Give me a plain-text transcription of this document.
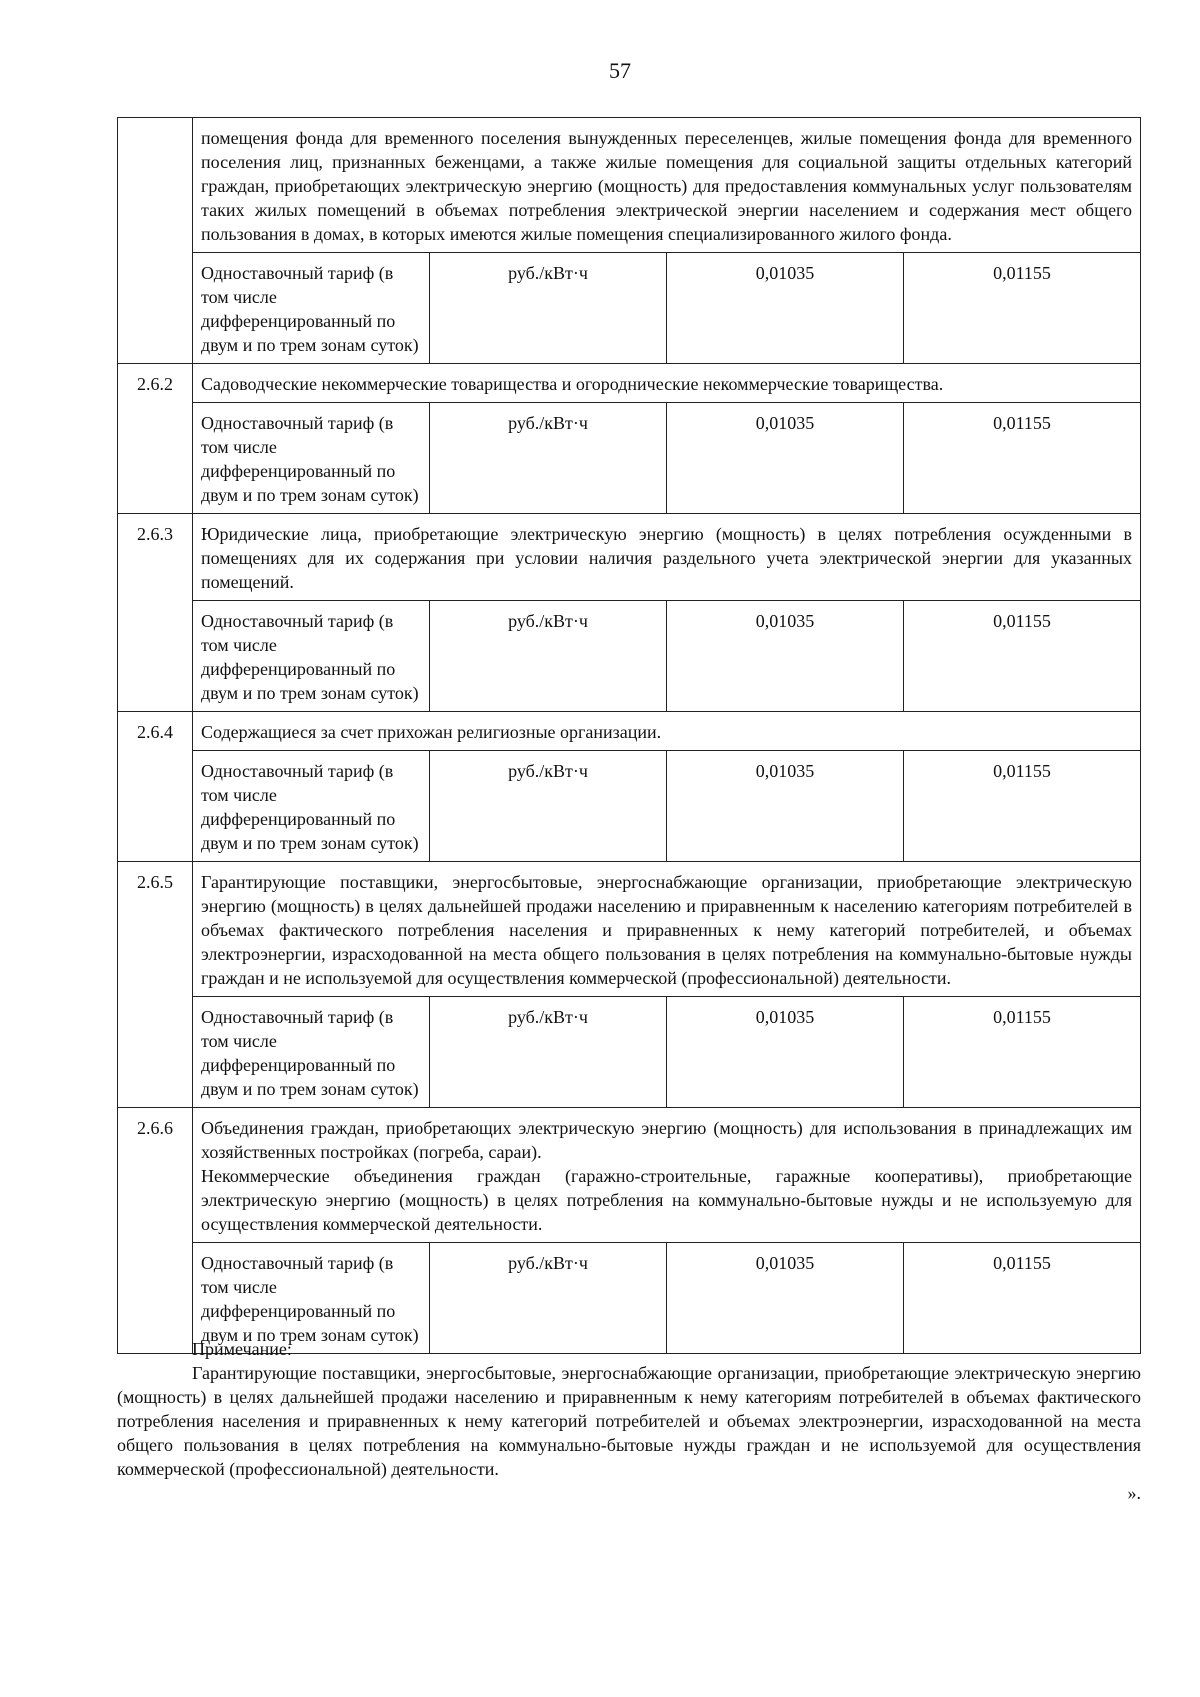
57
	помещения фонда для временного поселения вынужденных переселенцев, жилые помещения фонда для временного поселения лиц, признанных беженцами, а также жилые помещения для социальной защиты отдельных категорий граждан, приобретающих электрическую энергию (мощность) для предоставления коммунальных услуг пользователям таких жилых помещений в объемах потребления электрической энергии населением и содержания мест общего пользования в домах, в которых имеются жилые помещения специализированного жилого фонда.			
	Одноставочный тариф (в том числе дифференцированный по двум и по трем зонам суток)	руб./кВт·ч	0,01035	0,01155
2.6.2	Садоводческие некоммерческие товарищества и огороднические некоммерческие товарищества.			
	Одноставочный тариф (в том числе дифференцированный по двум и по трем зонам суток)	руб./кВт·ч	0,01035	0,01155
2.6.3	Юридические лица, приобретающие электрическую энергию (мощность) в целях потребления осужденными в помещениях для их содержания при условии наличия раздельного учета электрической энергии для указанных помещений.			
	Одноставочный тариф (в том числе дифференцированный по двум и по трем зонам суток)	руб./кВт·ч	0,01035	0,01155
2.6.4	Содержащиеся за счет прихожан религиозные организации.			
	Одноставочный тариф (в том числе дифференцированный по двум и по трем зонам суток)	руб./кВт·ч	0,01035	0,01155
2.6.5	Гарантирующие поставщики, энергосбытовые, энергоснабжающие организации, приобретающие электрическую энергию (мощность) в целях дальнейшей продажи населению и приравненным к населению категориям потребителей в объемах фактического потребления населения и приравненных к нему категорий потребителей, и объемах электроэнергии, израсходованной на места общего пользования в целях потребления на коммунально-бытовые нужды граждан и не используемой для осуществления коммерческой (профессиональной) деятельности.			
	Одноставочный тариф (в том числе дифференцированный по двум и по трем зонам суток)	руб./кВт·ч	0,01035	0,01155
2.6.6	Объединения граждан, приобретающих электрическую энергию (мощность) для использования в принадлежащих им хозяйственных постройках (погреба, сараи).
Некоммерческие объединения граждан (гаражно-строительные, гаражные кооперативы), приобретающие электрическую энергию (мощность) в целях потребления на коммунально-бытовые нужды и не используемую для осуществления коммерческой деятельности.			

	Одноставочный тариф (в том числе дифференцированный по двум и по трем зонам суток)	руб./кВт·ч	0,01035	0,01155
Примечание:
Гарантирующие поставщики, энергосбытовые, энергоснабжающие организации, приобретающие электрическую энергию (мощность) в целях дальнейшей продажи населению и приравненным к нему категориям потребителей в объемах фактического потребления населения и приравненных к нему категорий потребителей и объемах электроэнергии, израсходованной на места общего пользования в целях потребления на коммунально-бытовые нужды граждан и не используемой для осуществления коммерческой (профессиональной) деятельности.
».
